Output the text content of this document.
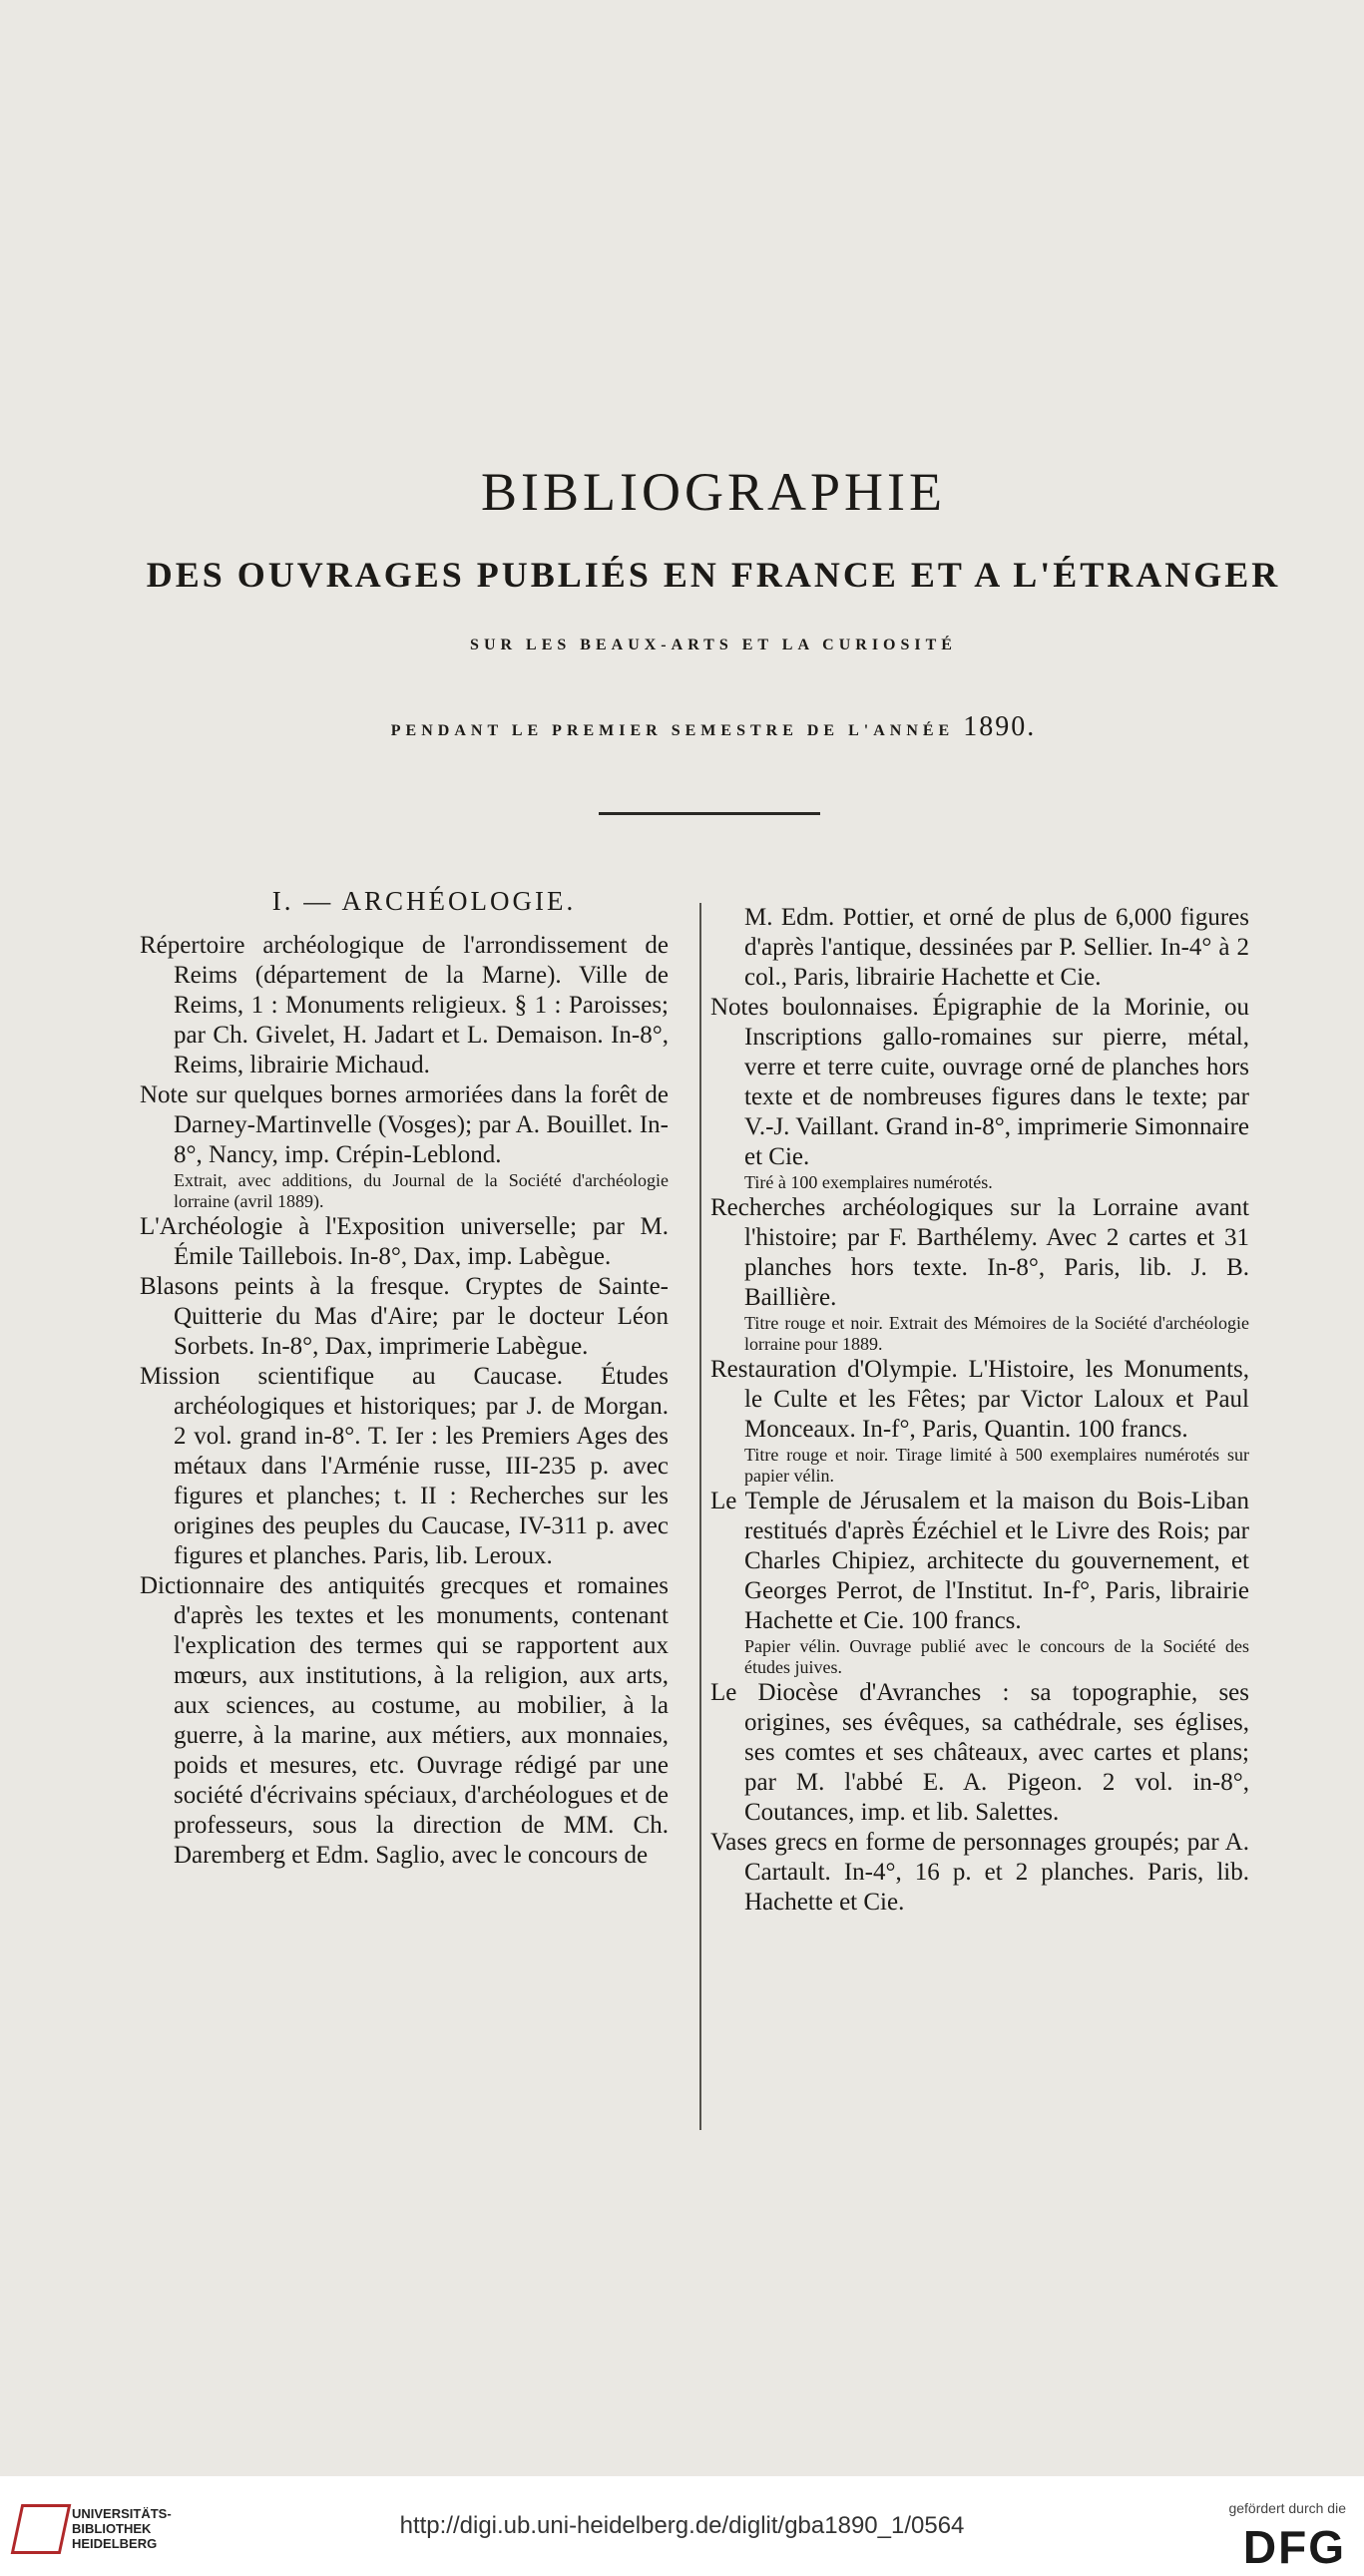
BIBLIOGRAPHIE
DES OUVRAGES PUBLIÉS EN FRANCE ET A L'ÉTRANGER
SUR LES BEAUX-ARTS ET LA CURIOSITÉ
PENDANT LE PREMIER SEMESTRE DE L'ANNÉE 1890.
I. — ARCHÉOLOGIE.

Répertoire archéologique de l'arrondissement de Reims (département de la Marne). Ville de Reims, 1 : Monuments religieux. § 1 : Paroisses; par Ch. Givelet, H. Jadart et L. Demaison. In-8°, Reims, librairie Michaud.

Note sur quelques bornes armoriées dans la forêt de Darney-Martinvelle (Vosges); par A. Bouillet. In-8°, Nancy, imp. Crépin-Leblond.

Extrait, avec additions, du Journal de la Société d'archéologie lorraine (avril 1889).

L'Archéologie à l'Exposition universelle; par M. Émile Taillebois. In-8°, Dax, imp. Labègue.

Blasons peints à la fresque. Cryptes de Sainte-Quitterie du Mas d'Aire; par le docteur Léon Sorbets. In-8°, Dax, imprimerie Labègue.

Mission scientifique au Caucase. Études archéologiques et historiques; par J. de Morgan. 2 vol. grand in-8°. T. Ier : les Premiers Ages des métaux dans l'Arménie russe, III-235 p. avec figures et planches; t. II : Recherches sur les origines des peuples du Caucase, IV-311 p. avec figures et planches. Paris, lib. Leroux.

Dictionnaire des antiquités grecques et romaines d'après les textes et les monuments, contenant l'explication des termes qui se rapportent aux mœurs, aux institutions, à la religion, aux arts, aux sciences, au costume, au mobilier, à la guerre, à la marine, aux métiers, aux monnaies, poids et mesures, etc. Ouvrage rédigé par une société d'écrivains spéciaux, d'archéologues et de professeurs, sous la direction de MM. Ch. Daremberg et Edm. Saglio, avec le concours de

M. Edm. Pottier, et orné de plus de 6,000 figures d'après l'antique, dessinées par P. Sellier. In-4° à 2 col., Paris, librairie Hachette et Cie.

Notes boulonnaises. Épigraphie de la Morinie, ou Inscriptions gallo-romaines sur pierre, métal, verre et terre cuite, ouvrage orné de planches hors texte et de nombreuses figures dans le texte; par V.-J. Vaillant. Grand in-8°, imprimerie Simonnaire et Cie.

Tiré à 100 exemplaires numérotés.

Recherches archéologiques sur la Lorraine avant l'histoire; par F. Barthélemy. Avec 2 cartes et 31 planches hors texte. In-8°, Paris, lib. J. B. Baillière.

Titre rouge et noir. Extrait des Mémoires de la Société d'archéologie lorraine pour 1889.

Restauration d'Olympie. L'Histoire, les Monuments, le Culte et les Fêtes; par Victor Laloux et Paul Monceaux. In-f°, Paris, Quantin. 100 francs.

Titre rouge et noir. Tirage limité à 500 exemplaires numérotés sur papier vélin.

Le Temple de Jérusalem et la maison du Bois-Liban restitués d'après Ézéchiel et le Livre des Rois; par Charles Chipiez, architecte du gouvernement, et Georges Perrot, de l'Institut. In-f°, Paris, librairie Hachette et Cie. 100 francs.

Papier vélin. Ouvrage publié avec le concours de la Société des études juives.

Le Diocèse d'Avranches : sa topographie, ses origines, ses évêques, sa cathédrale, ses églises, ses comtes et ses châteaux, avec cartes et plans; par M. l'abbé E. A. Pigeon. 2 vol. in-8°, Coutances, imp. et lib. Salettes.

Vases grecs en forme de personnages groupés; par A. Cartault. In-4°, 16 p. et 2 planches. Paris, lib. Hachette et Cie.

UNIVERSITÄTS-
BIBLIOTHEK
HEIDELBERG
http://digi.ub.uni-heidelberg.de/diglit/gba1890_1/0564
gefördert durch die
DFG
